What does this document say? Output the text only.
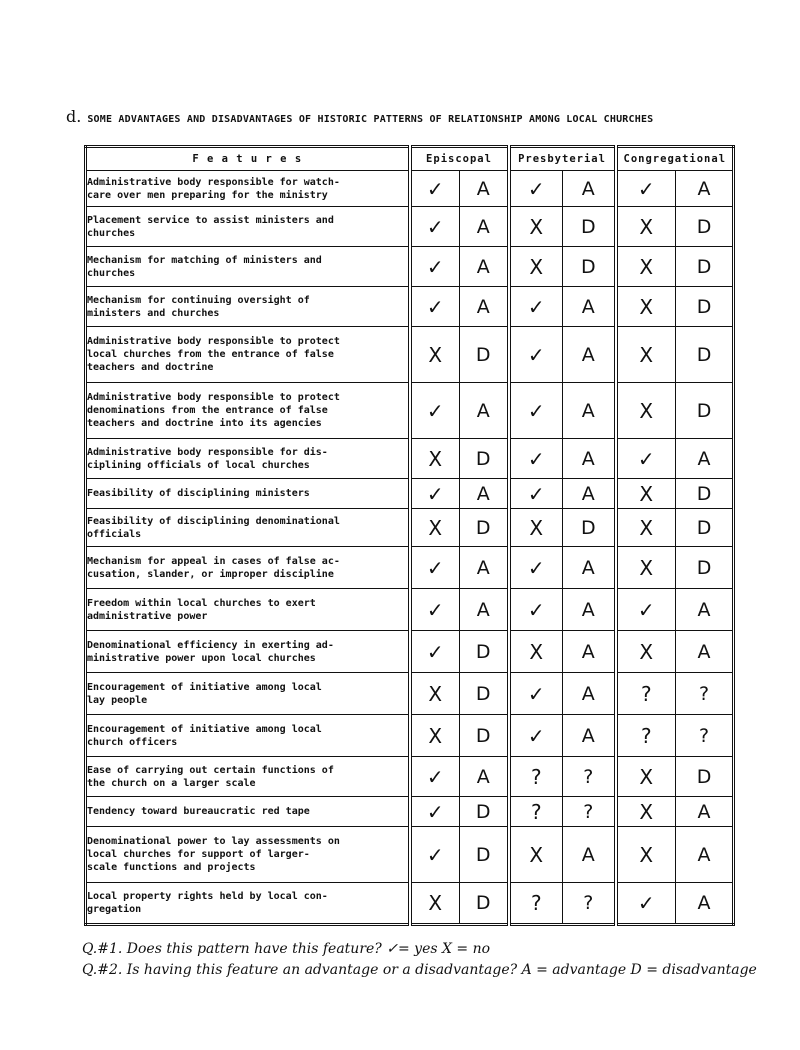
d. SOME ADVANTAGES AND DISADVANTAGES OF HISTORIC PATTERNS OF RELATIONSHIP AMONG LOCAL CHURCHES
F e a t u r e s	Episcopal		Presbyterial		Congregational	
Administrative body responsible for watch-
care over men preparing for the ministry	✓	A	✓	A	✓	A
Placement service to assist ministers and
churches	✓	A	X	D	X	D
Mechanism for matching of ministers and
churches	✓	A	X	D	X	D
Mechanism for continuing oversight of
ministers and churches	✓	A	✓	A	X	D
Administrative body responsible to protect
local churches from the entrance of false
teachers and doctrine	X	D	✓	A	X	D
Administrative body responsible to protect
denominations from the entrance of false
teachers and doctrine into its agencies	✓	A	✓	A	X	D
Administrative body responsible for dis-
ciplining officials of local churches	X	D	✓	A	✓	A
Feasibility of disciplining ministers	✓	A	✓	A	X	D
Feasibility of disciplining denominational
officials	X	D	X	D	X	D
Mechanism for appeal in cases of false ac-
cusation, slander, or improper discipline	✓	A	✓	A	X	D
Freedom within local churches to exert
administrative power	✓	A	✓	A	✓	A
Denominational efficiency in exerting ad-
ministrative power upon local churches	✓	D	X	A	X	A
Encouragement of initiative among local
lay people	X	D	✓	A	?	?
Encouragement of initiative among local
church officers	X	D	✓	A	?	?
Ease of carrying out certain functions of
the church on a larger scale	✓	A	?	?	X	D
Tendency toward bureaucratic red tape	✓	D	?	?	X	A
Denominational power to lay assessments on
local churches for support of larger-
scale functions and projects	✓	D	X	A	X	A
Local property rights held by local con-
gregation	X	D	?	?	✓	A
Q.#1. Does this pattern have this feature? ✓= yes X = no
Q.#2. Is having this feature an advantage or a disadvantage? A = advantage D = disadvantage
